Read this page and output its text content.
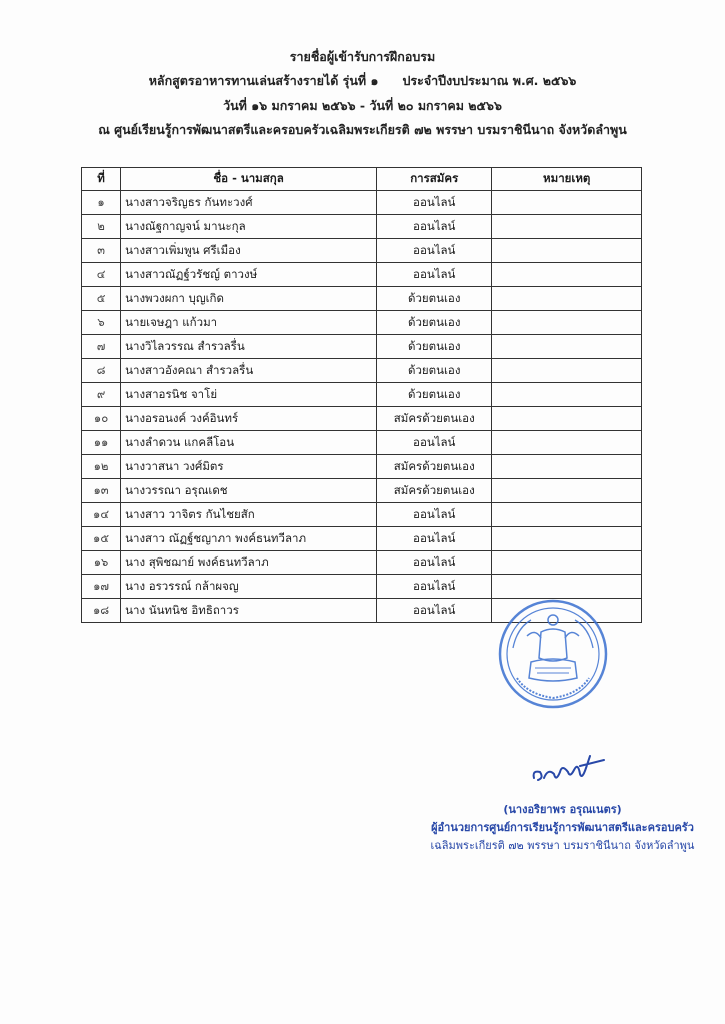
รายชื่อผู้เข้ารับการฝึกอบรม
หลักสูตรอาหารทานเล่นสร้างรายได้ รุ่นที่ ๑ ประจำปีงบประมาณ พ.ศ. ๒๕๖๖
วันที่ ๑๖ มกราคม ๒๕๖๖ - วันที่ ๒๐ มกราคม ๒๕๖๖
ณ ศูนย์เรียนรู้การพัฒนาสตรีและครอบครัวเฉลิมพระเกียรติ ๗๒ พรรษา บรมราชินีนาถ จังหวัดลำพูน
ที่	ชื่อ - นามสกุล	การสมัคร	หมายเหตุ
๑	นางสาวจริญธร กันทะวงศ์	ออนไลน์	
๒	นางณัฐกาญจน์ มานะกุล	ออนไลน์	
๓	นางสาวเพิ่มพูน ศรีเมือง	ออนไลน์	
๔	นางสาวณัฏฐ์วรัชญ์ ตาวงษ์	ออนไลน์	
๕	นางพวงผกา บุญเกิด	ด้วยตนเอง	
๖	นายเจษฎา แก้วมา	ด้วยตนเอง	
๗	นางวิไลวรรณ สำรวลรื่น	ด้วยตนเอง	
๘	นางสาวอังคณา สำรวลรื่น	ด้วยตนเอง	
๙	นางสาอรนิช จาโย่	ด้วยตนเอง	
๑๐	นางอรอนงค์ วงค์อินทร์	สมัครด้วยตนเอง	
๑๑	นางลำดวน แกคลีโอน	ออนไลน์	
๑๒	นางวาสนา วงศ์มิตร	สมัครด้วยตนเอง	
๑๓	นางวรรณา อรุณเดช	สมัครด้วยตนเอง	
๑๔	นางสาว วาจิตร กันไชยสัก	ออนไลน์	
๑๕	นางสาว ณัฏฐ์ชญาภา พงค์ธนทวีลาภ	ออนไลน์	
๑๖	นาง สุพิชฌาย์ พงค์ธนทวีลาภ	ออนไลน์	
๑๗	นาง อรวรรณ์ กล้าผจญ	ออนไลน์	
๑๘	นาง นันทนิช อิทธิถาวร	ออนไลน์	
(นางอริยาพร อรุณเนตร)
ผู้อำนวยการศูนย์การเรียนรู้การพัฒนาสตรีและครอบครัว
เฉลิมพระเกียรติ ๗๒ พรรษา บรมราชินีนาถ จังหวัดลำพูน
